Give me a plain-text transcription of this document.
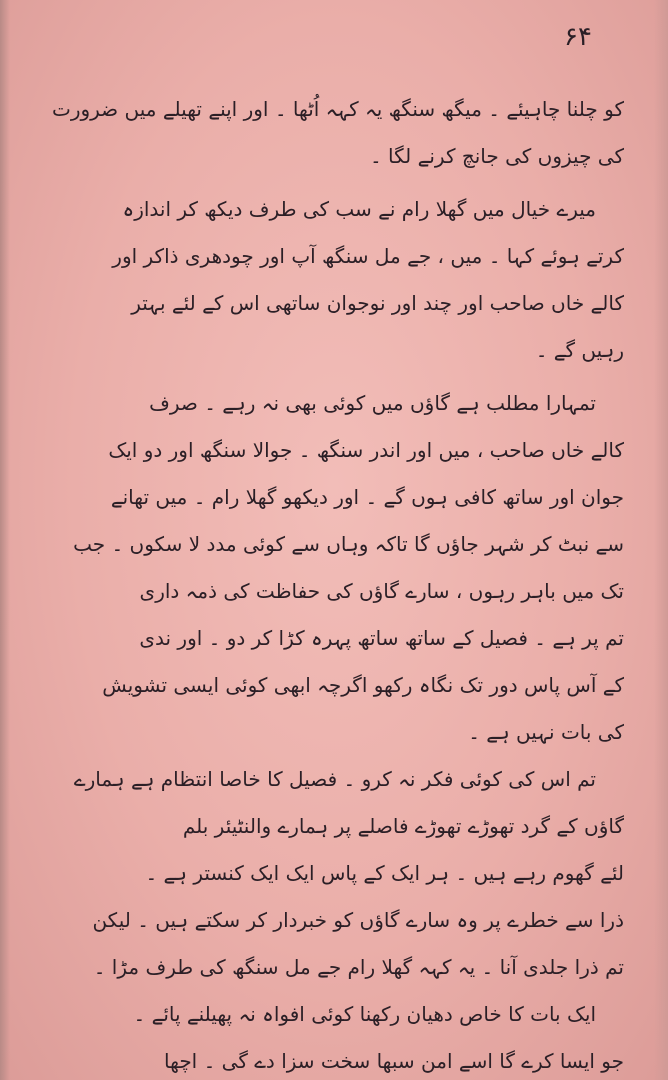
۶۴
کو چلنا چاہیئے ۔ میگھ سنگھ یہ کہہ اُٹھا ۔ اور اپنے تھیلے میں ضرورت
کی چیزوں کی جانچ کرنے لگا ۔
میرے خیال میں گھلا رام نے سب کی طرف دیکھ کر اندازہ
کرتے ہوئے کہا ۔ میں ، جے مل سنگھ آپ اور چودھری ذاکر اور
کالے خاں صاحب اور چند اور نوجوان ساتھی اس کے لئے بہتر
رہیں گے ۔
تمہارا مطلب ہے گاؤں میں کوئی بھی نہ رہے ۔ صرف
کالے خاں صاحب ، میں اور اندر سنگھ ۔ جوالا سنگھ اور دو ایک
جوان اور ساتھ کافی ہوں گے ۔ اور دیکھو گھلا رام ۔ میں تھانے
سے نبٹ کر شہر جاؤں گا تاکہ وہاں سے کوئی مدد لا سکوں ۔ جب
تک میں باہر رہوں ، سارے گاؤں کی حفاظت کی ذمہ داری
تم پر ہے ۔ فصیل کے ساتھ ساتھ پہرہ کڑا کر دو ۔ اور ندی
کے آس پاس دور تک نگاہ رکھو اگرچہ ابھی کوئی ایسی تشویش
کی بات نہیں ہے ۔
تم اس کی کوئی فکر نہ کرو ۔ فصیل کا خاصا انتظام ہے ہمارے
گاؤں کے گرد تھوڑے تھوڑے فاصلے پر ہمارے والنٹیئر بلم
لئے گھوم رہے ہیں ۔ ہر ایک کے پاس ایک ایک کنستر ہے ۔
ذرا سے خطرے پر وہ سارے گاؤں کو خبردار کر سکتے ہیں ۔ لیکن
تم ذرا جلدی آنا ۔ یہ کہہ گھلا رام جے مل سنگھ کی طرف مڑا ۔
ایک بات کا خاص دھیان رکھنا کوئی افواہ نہ پھیلنے پائے ۔
جو ایسا کرے گا اسے امن سبھا سخت سزا دے گی ۔ اچھا
